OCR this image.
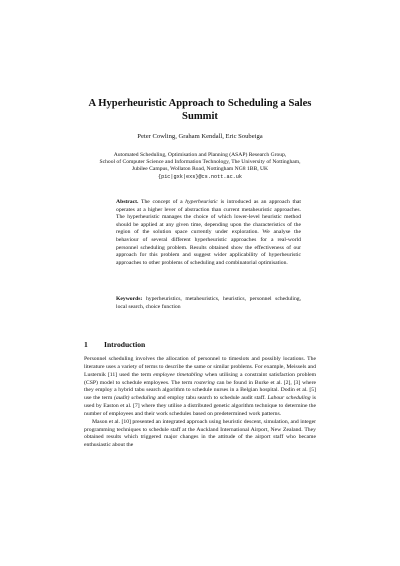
A Hyperheuristic Approach to Scheduling a Sales Summit
Peter Cowling, Graham Kendall, Eric Soubeiga
Automated Scheduling, Optimisation and Planning (ASAP) Research Group,
School of Computer Science and Information Technology, The University of Nottingham,
Jubilee Campus, Wollaton Road, Nottingham NG8 1BB, UK
{pic|gxk|exs}@cs.nott.ac.uk
Abstract. The concept of a hyperheuristic is introduced as an approach that operates at a higher lever of abstraction than current metaheuristic approaches. The hyperheuristic manages the choice of which lower-level heuristic method should be applied at any given time, depending upon the characteristics of the region of the solution space currently under exploration. We analyse the behaviour of several different hyperheuristic approaches for a real-world personnel scheduling problem. Results obtained show the effectiveness of our approach for this problem and suggest wider applicability of hyperheuristic approaches to other problems of scheduling and combinatorial optimisation.
Keywords: hyperheuristics, metaheuristics, heuristics, personnel scheduling, local search, choice function
1 Introduction

Personnel scheduling involves the allocation of personnel to timeslots and possibly locations. The literature uses a variety of terms to describe the same or similar problems. For example, Meissels and Lusternik [11] used the term employee timetabling when utilising a constraint satisfaction problem (CSP) model to schedule employees. The term rostering can be found in Burke et al. [2], [3] where they employ a hybrid tabu search algorithm to schedule nurses in a Belgian hospital. Dodin et al. [5] use the term (audit) scheduling and employ tabu search to schedule audit staff. Labour scheduling is used by Easton et al. [7] where they utilise a distributed genetic algorithm technique to determine the number of employees and their work schedules based on predetermined work patterns.

Mason et al. [10] presented an integrated approach using heuristic descent, simulation, and integer programming techniques to schedule staff at the Auckland International Airport, New Zealand. They obtained results which triggered major changes in the attitude of the airport staff who became enthusiastic about the
